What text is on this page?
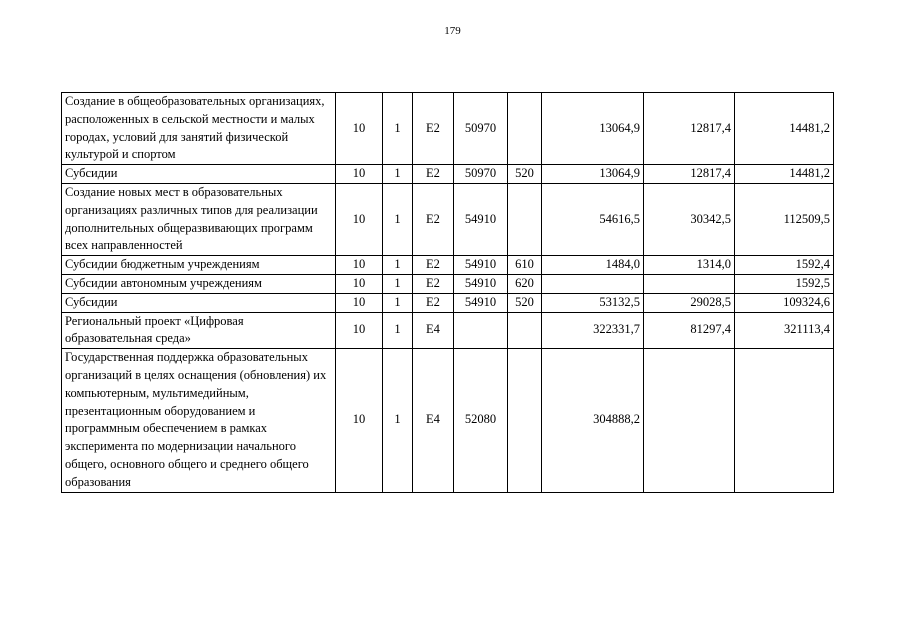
179
Создание в общеобразовательных организациях, расположенных в сельской местности и малых городах, условий для занятий физической культурой и спортом	10	1	E2	50970		13064,9	12817,4	14481,2
Субсидии	10	1	E2	50970	520	13064,9	12817,4	14481,2
Создание новых мест в образовательных организациях различных типов для реализации дополнительных общеразвивающих программ всех направленностей	10	1	E2	54910		54616,5	30342,5	112509,5
Субсидии бюджетным учреждениям	10	1	E2	54910	610	1484,0	1314,0	1592,4
Субсидии автономным учреждениям	10	1	E2	54910	620			1592,5
Субсидии	10	1	E2	54910	520	53132,5	29028,5	109324,6
Региональный проект «Цифровая образовательная среда»	10	1	E4			322331,7	81297,4	321113,4
Государственная поддержка образовательных организаций в целях оснащения (обновления) их компьютерным, мультимедийным, презентационным оборудованием и программным обеспечением в рамках эксперимента по модернизации начального общего, основного общего и среднего общего образования	10	1	E4	52080		304888,2		
